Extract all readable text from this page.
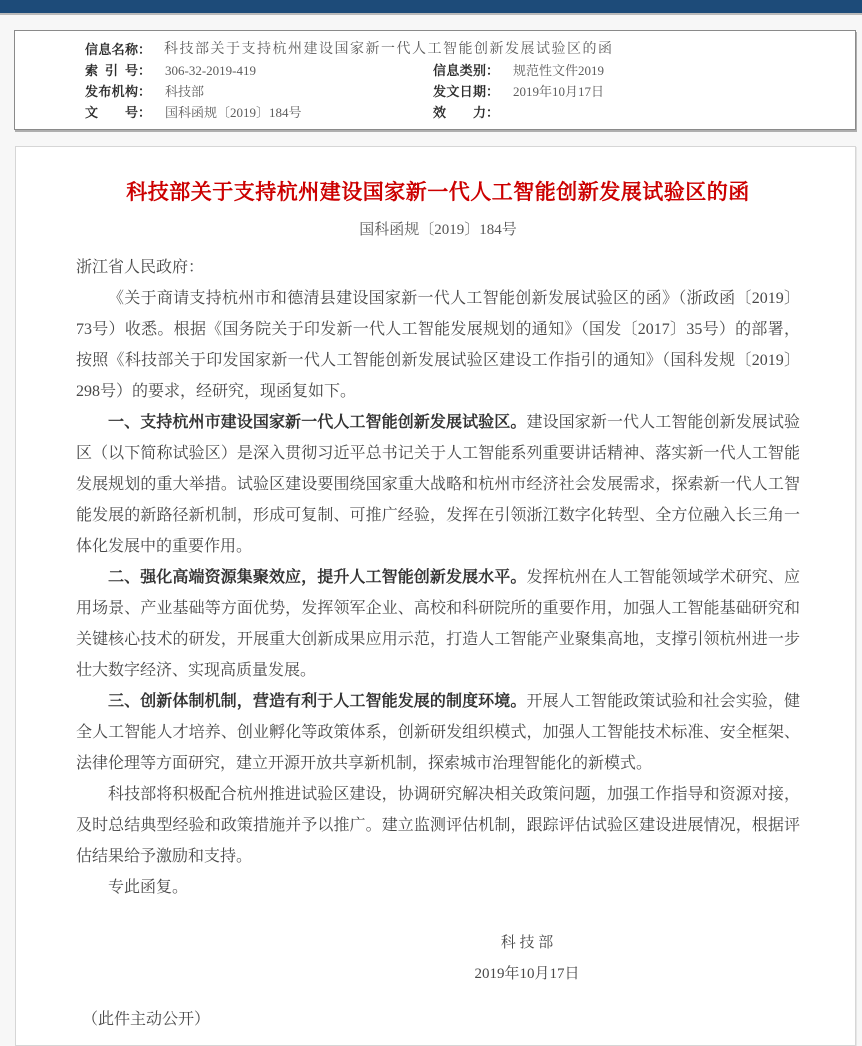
信息名称 ： 科技部关于支持杭州建设国家新一代人工智能创新发展试验区的函
索引号 ： 306-32-2019-419	信息类别 ： 规范性文件2019
发布机构 ： 科技部	发文日期 ： 2019年10月17日
文号 ： 国科函规〔2019〕184号	效力 ：
科技部关于支持杭州建设国家新一代人工智能创新发展试验区的函
国科函规〔2019〕184号

浙江省人民政府：

《关于商请支持杭州市和德清县建设国家新一代人工智能创新发展试验区的函》（浙政函〔2019〕73号）收悉。根据《国务院关于印发新一代人工智能发展规划的通知》（国发〔2017〕35号）的部署，按照《科技部关于印发国家新一代人工智能创新发展试验区建设工作指引的通知》（国科发规〔2019〕298号）的要求，经研究，现函复如下。

一、支持杭州市建设国家新一代人工智能创新发展试验区。建设国家新一代人工智能创新发展试验区（以下简称试验区）是深入贯彻习近平总书记关于人工智能系列重要讲话精神、落实新一代人工智能发展规划的重大举措。试验区建设要围绕国家重大战略和杭州市经济社会发展需求，探索新一代人工智能发展的新路径新机制，形成可复制、可推广经验，发挥在引领浙江数字化转型、全方位融入长三角一体化发展中的重要作用。

二、强化高端资源集聚效应，提升人工智能创新发展水平。发挥杭州在人工智能领域学术研究、应用场景、产业基础等方面优势，发挥领军企业、高校和科研院所的重要作用，加强人工智能基础研究和关键核心技术的研发，开展重大创新成果应用示范，打造人工智能产业聚集高地，支撑引领杭州进一步壮大数字经济、实现高质量发展。

三、创新体制机制，营造有利于人工智能发展的制度环境。开展人工智能政策试验和社会实验，健全人工智能人才培养、创业孵化等政策体系，创新研发组织模式，加强人工智能技术标准、安全框架、法律伦理等方面研究，建立开源开放共享新机制，探索城市治理智能化的新模式。

科技部将积极配合杭州推进试验区建设，协调研究解决相关政策问题，加强工作指导和资源对接，及时总结典型经验和政策措施并予以推广。建立监测评估机制，跟踪评估试验区建设进展情况，根据评估结果给予激励和支持。

专此函复。

科 技 部
2019年10月17日

（此件主动公开）
